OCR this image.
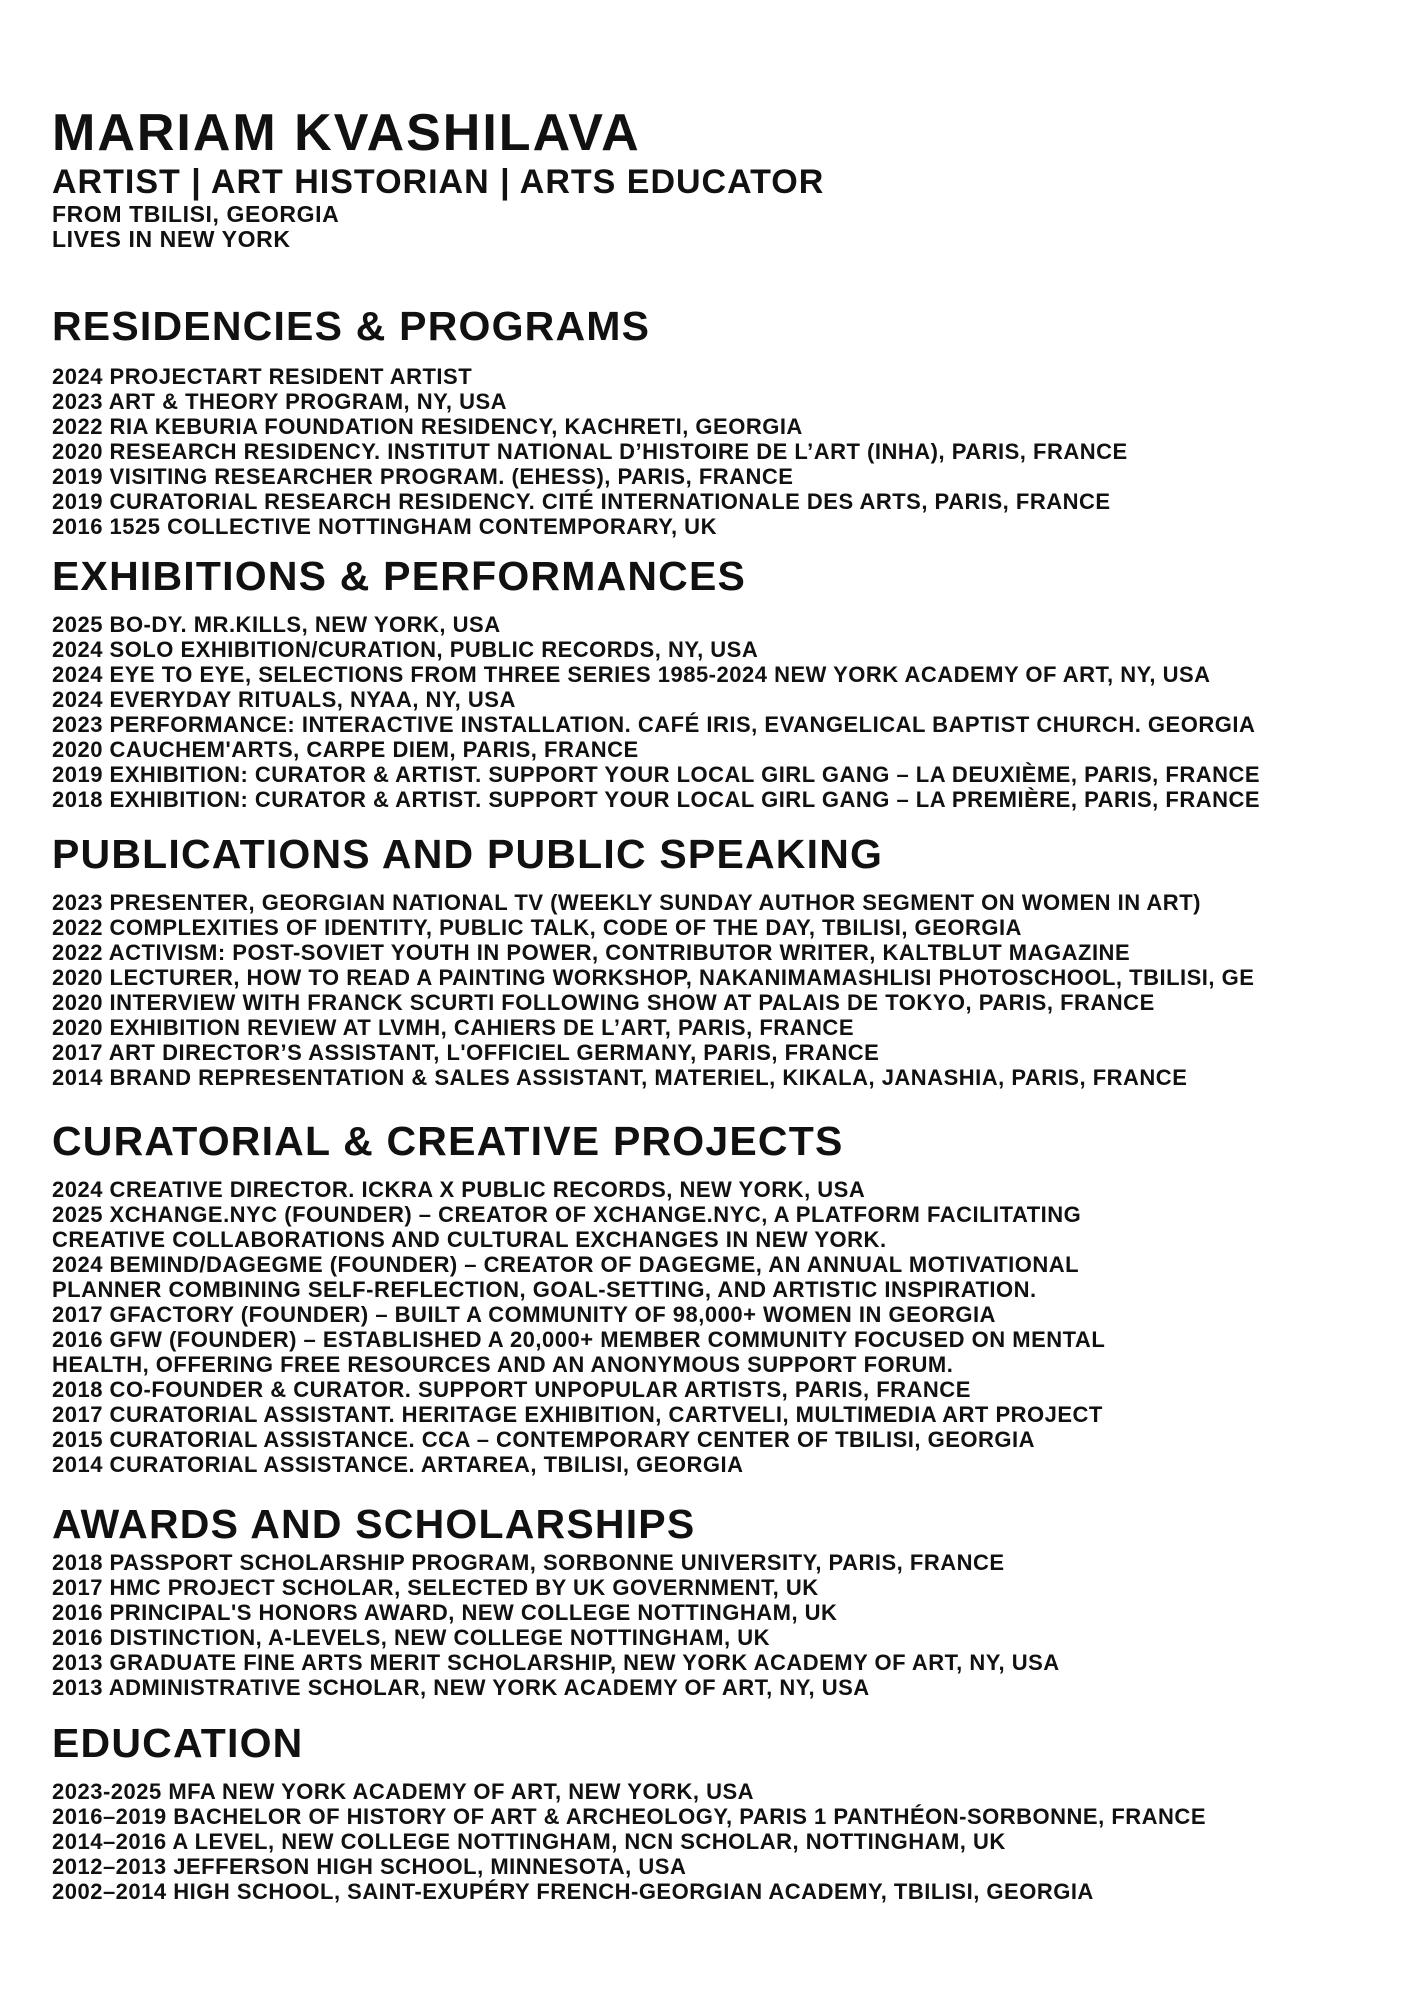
MARIAM KVASHILAVA
ARTIST | ART HISTORIAN | ARTS EDUCATOR
FROM TBILISI, GEORGIA
LIVES IN NEW YORK
RESIDENCIES & PROGRAMS
2024 PROJECTART RESIDENT ARTIST
2023 ART & THEORY PROGRAM, NY, USA
2022 RIA KEBURIA FOUNDATION RESIDENCY, KACHRETI, GEORGIA
2020 RESEARCH RESIDENCY. INSTITUT NATIONAL D’HISTOIRE DE L’ART (INHA), PARIS, FRANCE
2019 VISITING RESEARCHER PROGRAM. (EHESS), PARIS, FRANCE
2019 CURATORIAL RESEARCH RESIDENCY. CITÉ INTERNATIONALE DES ARTS, PARIS, FRANCE
2016 1525 COLLECTIVE NOTTINGHAM CONTEMPORARY, UK
EXHIBITIONS & PERFORMANCES
2025 BO-DY. MR.KILLS, NEW YORK, USA
2024 SOLO EXHIBITION/CURATION, PUBLIC RECORDS, NY, USA
2024 EYE TO EYE, SELECTIONS FROM THREE SERIES 1985-2024 NEW YORK ACADEMY OF ART, NY, USA
2024 EVERYDAY RITUALS, NYAA, NY, USA
2023 PERFORMANCE: INTERACTIVE INSTALLATION. CAFÉ IRIS, EVANGELICAL BAPTIST CHURCH. GEORGIA
2020 CAUCHEM'ARTS, CARPE DIEM, PARIS, FRANCE
2019 EXHIBITION: CURATOR & ARTIST. SUPPORT YOUR LOCAL GIRL GANG – LA DEUXIÈME, PARIS, FRANCE
2018 EXHIBITION: CURATOR & ARTIST. SUPPORT YOUR LOCAL GIRL GANG – LA PREMIÈRE, PARIS, FRANCE
PUBLICATIONS AND PUBLIC SPEAKING
2023 PRESENTER, GEORGIAN NATIONAL TV (WEEKLY SUNDAY AUTHOR SEGMENT ON WOMEN IN ART)
2022 COMPLEXITIES OF IDENTITY, PUBLIC TALK, CODE OF THE DAY, TBILISI, GEORGIA
2022 ACTIVISM: POST-SOVIET YOUTH IN POWER, CONTRIBUTOR WRITER, KALTBLUT MAGAZINE
2020 LECTURER, HOW TO READ A PAINTING WORKSHOP, NAKANIMAMASHLISI PHOTOSCHOOL, TBILISI, GE
2020 INTERVIEW WITH FRANCK SCURTI FOLLOWING SHOW AT PALAIS DE TOKYO, PARIS, FRANCE
2020 EXHIBITION REVIEW AT LVMH, CAHIERS DE L’ART, PARIS, FRANCE
2017 ART DIRECTOR’S ASSISTANT, L'OFFICIEL GERMANY, PARIS, FRANCE
2014 BRAND REPRESENTATION & SALES ASSISTANT, MATERIEL, KIKALA, JANASHIA, PARIS, FRANCE
CURATORIAL & CREATIVE PROJECTS
2024 CREATIVE DIRECTOR. ICKRA X PUBLIC RECORDS, NEW YORK, USA
2025 XCHANGE.NYC (FOUNDER) – CREATOR OF XCHANGE.NYC, A PLATFORM FACILITATING
CREATIVE COLLABORATIONS AND CULTURAL EXCHANGES IN NEW YORK.
2024 BEMIND/DAGEGME (FOUNDER) – CREATOR OF DAGEGME, AN ANNUAL MOTIVATIONAL
PLANNER COMBINING SELF-REFLECTION, GOAL-SETTING, AND ARTISTIC INSPIRATION.
2017 GFACTORY (FOUNDER) – BUILT A COMMUNITY OF 98,000+ WOMEN IN GEORGIA
2016 GFW (FOUNDER) – ESTABLISHED A 20,000+ MEMBER COMMUNITY FOCUSED ON MENTAL
HEALTH, OFFERING FREE RESOURCES AND AN ANONYMOUS SUPPORT FORUM.
2018 CO-FOUNDER & CURATOR. SUPPORT UNPOPULAR ARTISTS, PARIS, FRANCE
2017 CURATORIAL ASSISTANT. HERITAGE EXHIBITION, CARTVELI, MULTIMEDIA ART PROJECT
2015 CURATORIAL ASSISTANCE. CCA – CONTEMPORARY CENTER OF TBILISI, GEORGIA
2014 CURATORIAL ASSISTANCE. ARTAREA, TBILISI, GEORGIA
AWARDS AND SCHOLARSHIPS
2018 PASSPORT SCHOLARSHIP PROGRAM, SORBONNE UNIVERSITY, PARIS, FRANCE
2017 HMC PROJECT SCHOLAR, SELECTED BY UK GOVERNMENT, UK
2016 PRINCIPAL'S HONORS AWARD, NEW COLLEGE NOTTINGHAM, UK
2016 DISTINCTION, A-LEVELS, NEW COLLEGE NOTTINGHAM, UK
2013 GRADUATE FINE ARTS MERIT SCHOLARSHIP, NEW YORK ACADEMY OF ART, NY, USA
2013 ADMINISTRATIVE SCHOLAR, NEW YORK ACADEMY OF ART, NY, USA
EDUCATION
2023-2025 MFA NEW YORK ACADEMY OF ART, NEW YORK, USA
2016–2019 BACHELOR OF HISTORY OF ART & ARCHEOLOGY, PARIS 1 PANTHÉON-SORBONNE, FRANCE
2014–2016 A LEVEL, NEW COLLEGE NOTTINGHAM, NCN SCHOLAR, NOTTINGHAM, UK
2012–2013 JEFFERSON HIGH SCHOOL, MINNESOTA, USA
2002–2014 HIGH SCHOOL, SAINT-EXUPÉRY FRENCH-GEORGIAN ACADEMY, TBILISI, GEORGIA
